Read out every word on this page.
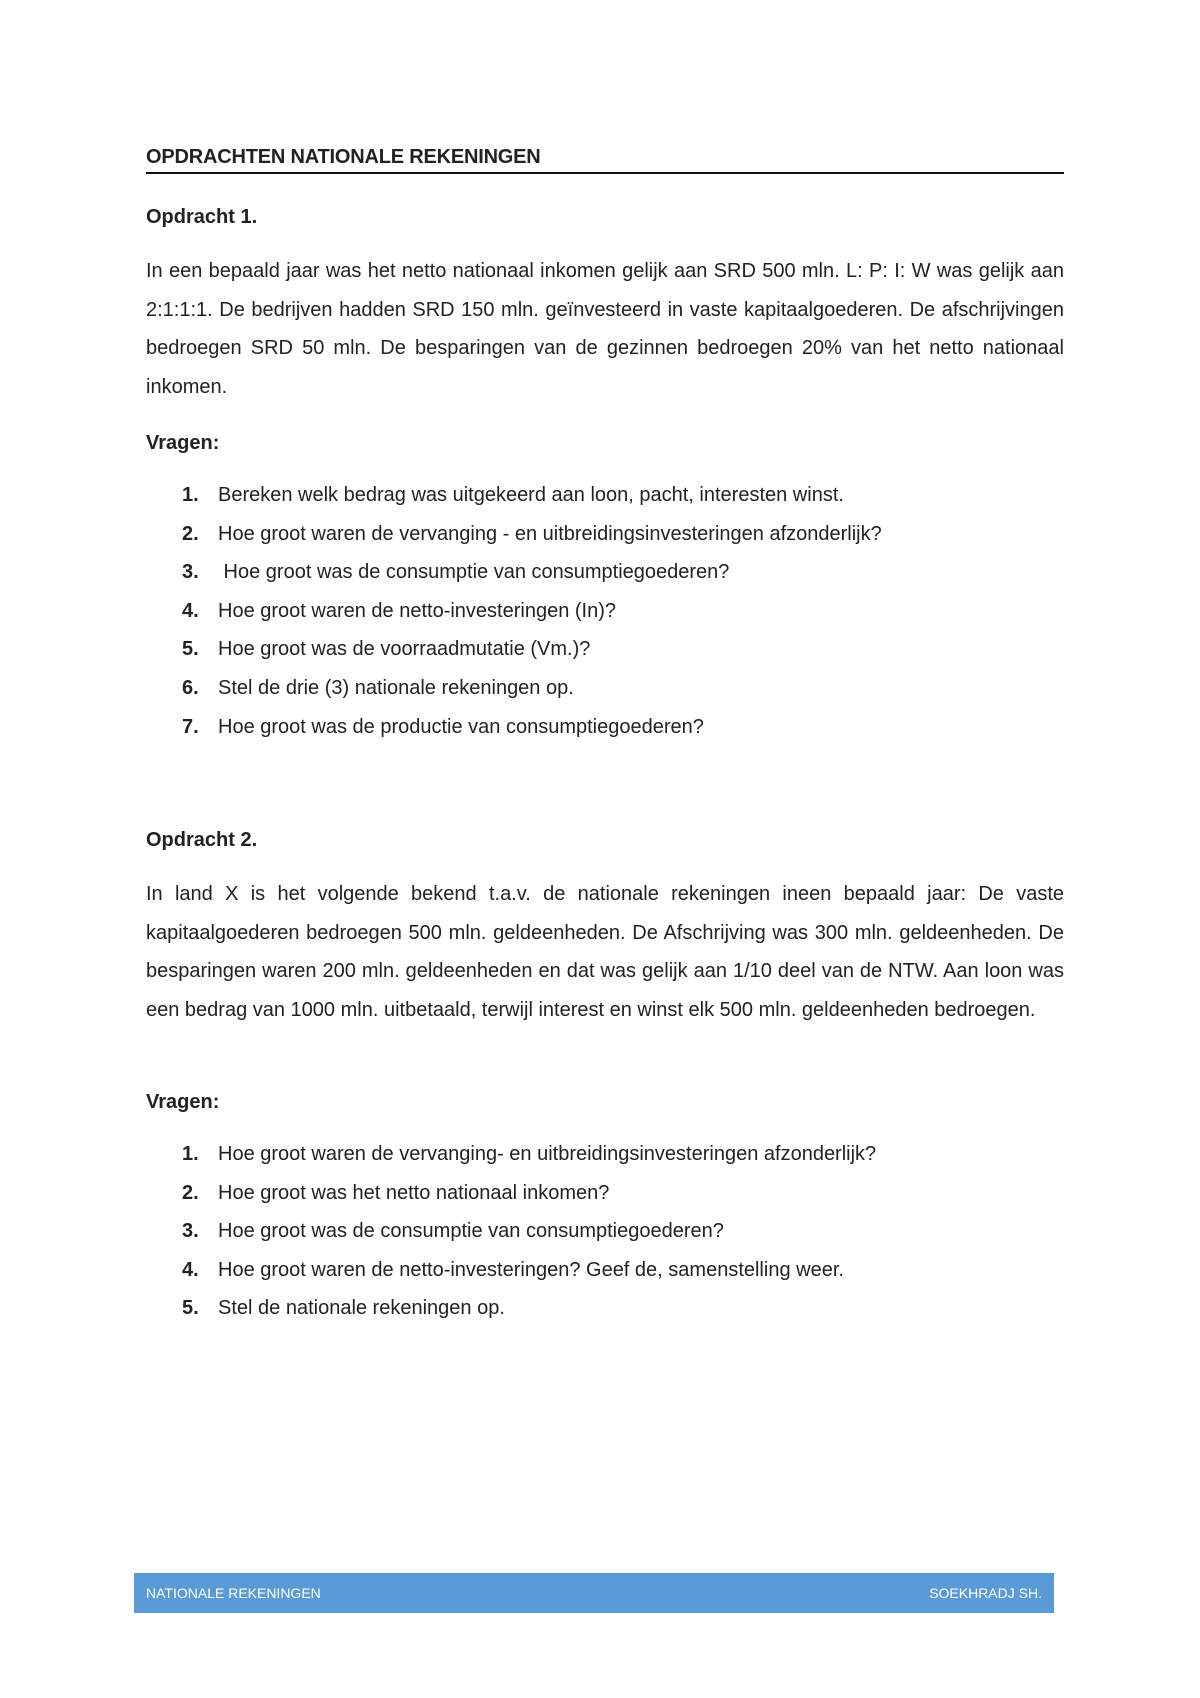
OPDRACHTEN NATIONALE REKENINGEN
Opdracht 1.

In een bepaald jaar was het netto nationaal inkomen gelijk aan SRD 500 mln. L: P: I: W was gelijk aan 2:1:1:1. De bedrijven hadden SRD 150 mln. geïnvesteerd in vaste kapitaalgoederen. De afschrijvingen bedroegen SRD 50 mln. De besparingen van de gezinnen bedroegen 20% van het netto nationaal inkomen.

Vragen:
1. Bereken welk bedrag was uitgekeerd aan loon, pacht, interesten winst.
2. Hoe groot waren de vervanging - en uitbreidingsinvesteringen afzonderlijk?
3. Hoe groot was de consumptie van consumptiegoederen?
4. Hoe groot waren de netto-investeringen (In)?
5. Hoe groot was de voorraadmutatie (Vm.)?
6. Stel de drie (3) nationale rekeningen op.
7. Hoe groot was de productie van consumptiegoederen?
Opdracht 2.

In land X is het volgende bekend t.a.v. de nationale rekeningen ineen bepaald jaar: De vaste kapitaalgoederen bedroegen 500 mln. geldeenheden. De Afschrijving was 300 mln. geldeenheden. De besparingen waren 200 mln. geldeenheden en dat was gelijk aan 1/10 deel van de NTW. Aan loon was een bedrag van 1000 mln. uitbetaald, terwijl interest en winst elk 500 mln. geldeenheden bedroegen.

Vragen:
1. Hoe groot waren de vervanging- en uitbreidingsinvesteringen afzonderlijk?
2. Hoe groot was het netto nationaal inkomen?
3. Hoe groot was de consumptie van consumptiegoederen?
4. Hoe groot waren de netto-investeringen? Geef de, samenstelling weer.
5. Stel de nationale rekeningen op.
NATIONALE REKENINGEN	SOEKHRADJ SH.
